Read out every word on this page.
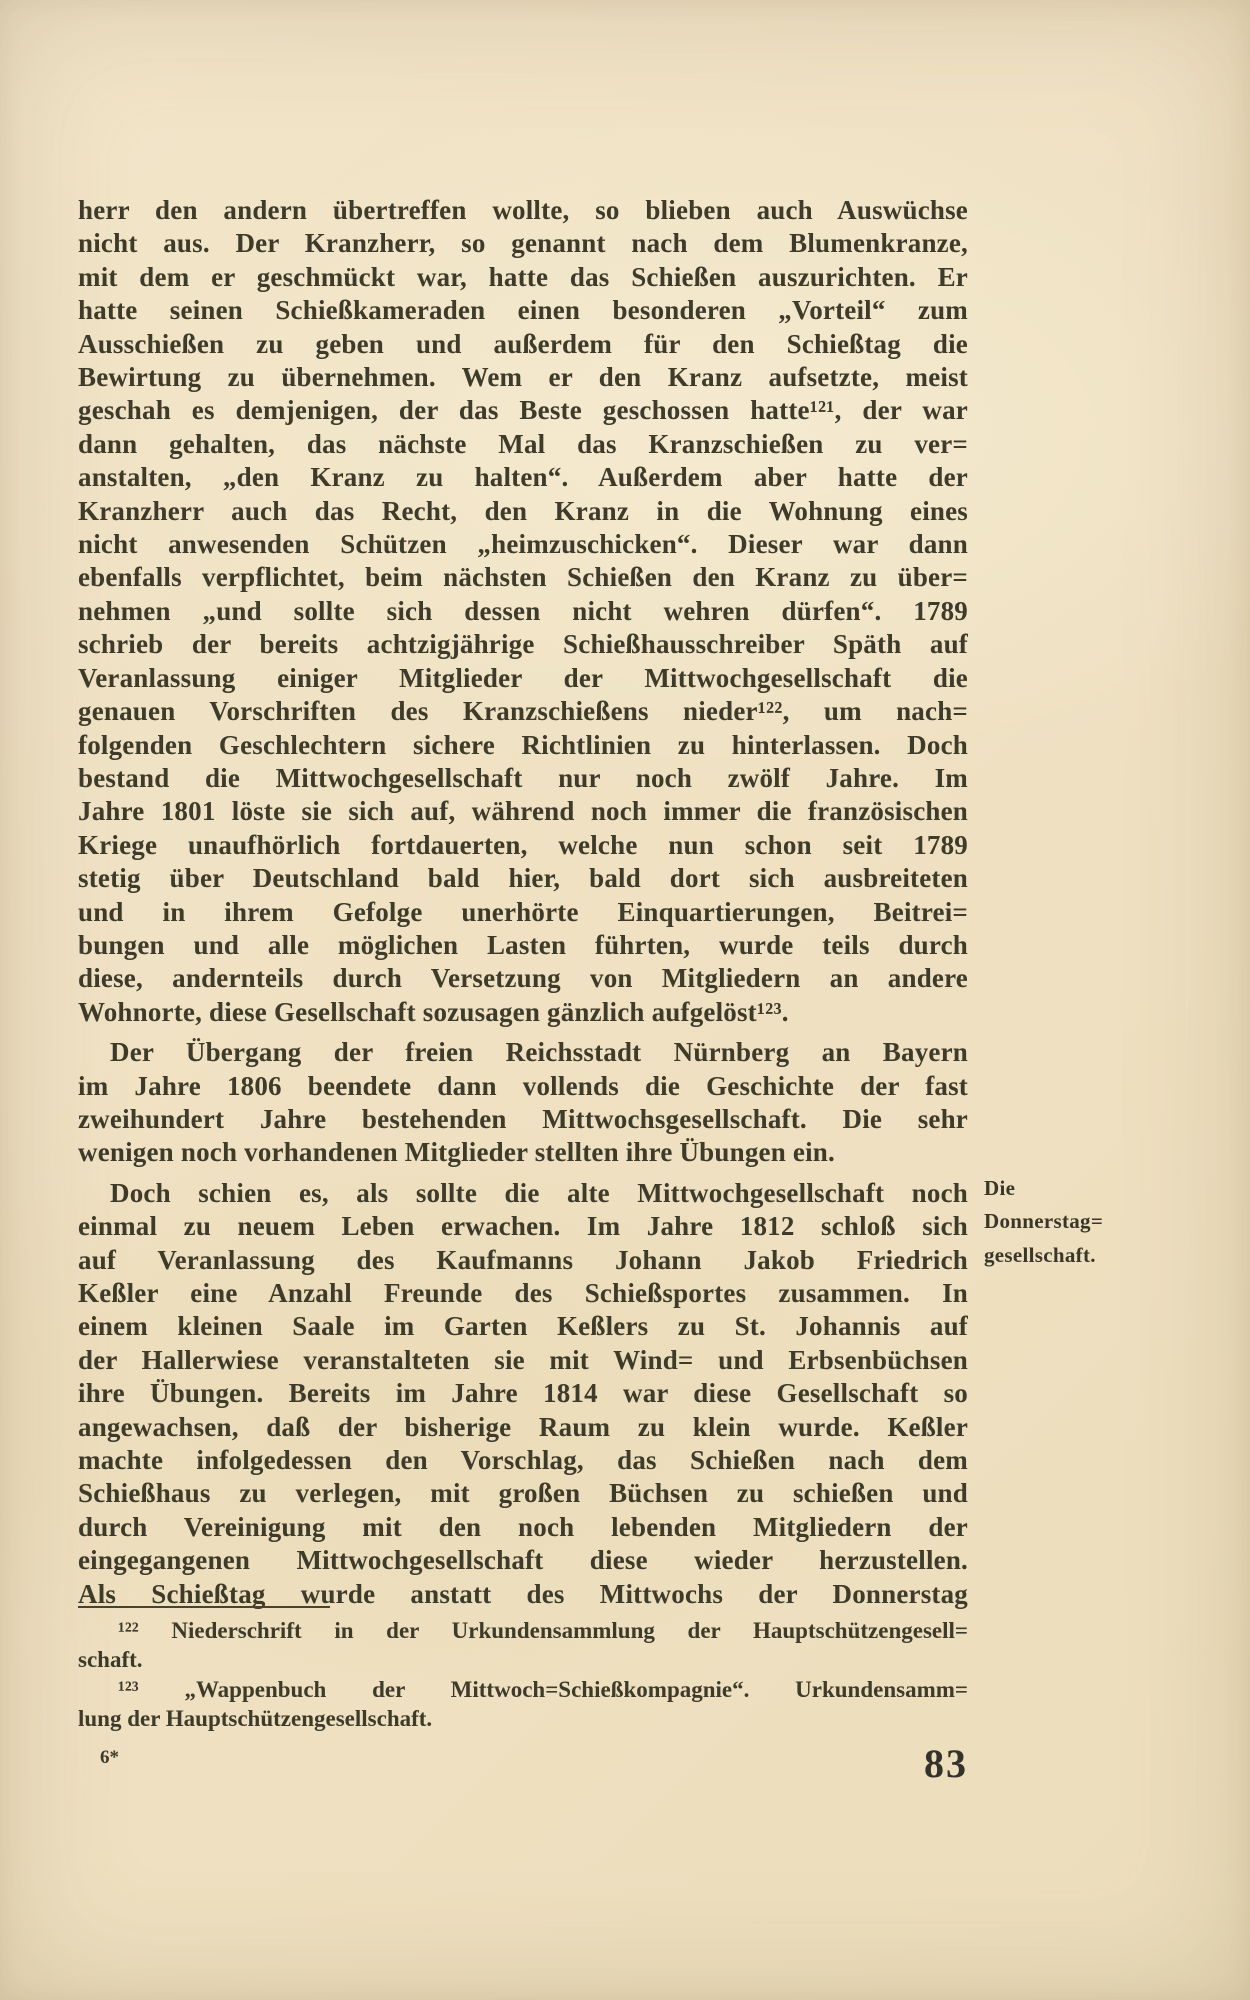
herr den andern übertreffen wollte, so blieben auch Auswüchse
nicht aus. Der Kranzherr, so genannt nach dem Blumenkranze,
mit dem er geschmückt war, hatte das Schießen auszurichten. Er
hatte seinen Schießkameraden einen besonderen „Vorteil“ zum
Ausschießen zu geben und außerdem für den Schießtag die
Bewirtung zu übernehmen. Wem er den Kranz aufsetzte, meist
geschah es demjenigen, der das Beste geschossen hatte¹²¹, der war
dann gehalten, das nächste Mal das Kranzschießen zu ver=
anstalten, „den Kranz zu halten“. Außerdem aber hatte der
Kranzherr auch das Recht, den Kranz in die Wohnung eines
nicht anwesenden Schützen „heimzuschicken“. Dieser war dann
ebenfalls verpflichtet, beim nächsten Schießen den Kranz zu über=
nehmen „und sollte sich dessen nicht wehren dürfen“. 1789
schrieb der bereits achtzigjährige Schießhausschreiber Späth auf
Veranlassung einiger Mitglieder der Mittwochgesellschaft die
genauen Vorschriften des Kranzschießens nieder¹²², um nach=
folgenden Geschlechtern sichere Richtlinien zu hinterlassen. Doch
bestand die Mittwochgesellschaft nur noch zwölf Jahre. Im
Jahre 1801 löste sie sich auf, während noch immer die französischen
Kriege unaufhörlich fortdauerten, welche nun schon seit 1789
stetig über Deutschland bald hier, bald dort sich ausbreiteten
und in ihrem Gefolge unerhörte Einquartierungen, Beitrei=
bungen und alle möglichen Lasten führten, wurde teils durch
diese, andernteils durch Versetzung von Mitgliedern an andere
Wohnorte, diese Gesellschaft sozusagen gänzlich aufgelöst¹²³.
Der Übergang der freien Reichsstadt Nürnberg an Bayern
im Jahre 1806 beendete dann vollends die Geschichte der fast
zweihundert Jahre bestehenden Mittwochsgesellschaft. Die sehr
wenigen noch vorhandenen Mitglieder stellten ihre Übungen ein.
Doch schien es, als sollte die alte Mittwochgesellschaft noch
einmal zu neuem Leben erwachen. Im Jahre 1812 schloß sich
auf Veranlassung des Kaufmanns Johann Jakob Friedrich
Keßler eine Anzahl Freunde des Schießsportes zusammen. In
einem kleinen Saale im Garten Keßlers zu St. Johannis auf
der Hallerwiese veranstalteten sie mit Wind= und Erbsenbüchsen
ihre Übungen. Bereits im Jahre 1814 war diese Gesellschaft so
angewachsen, daß der bisherige Raum zu klein wurde. Keßler
machte infolgedessen den Vorschlag, das Schießen nach dem
Schießhaus zu verlegen, mit großen Büchsen zu schießen und
durch Vereinigung mit den noch lebenden Mitgliedern der
eingegangenen Mittwochgesellschaft diese wieder herzustellen.
Als Schießtag wurde anstatt des Mittwochs der Donnerstag
Die
Donnerstag=
gesellschaft.
¹²² Niederschrift in der Urkundensammlung der Hauptschützengesell=
schaft.
¹²³ „Wappenbuch der Mittwoch=Schießkompagnie“. Urkundensamm=
lung der Hauptschützengesellschaft.
6*	83
